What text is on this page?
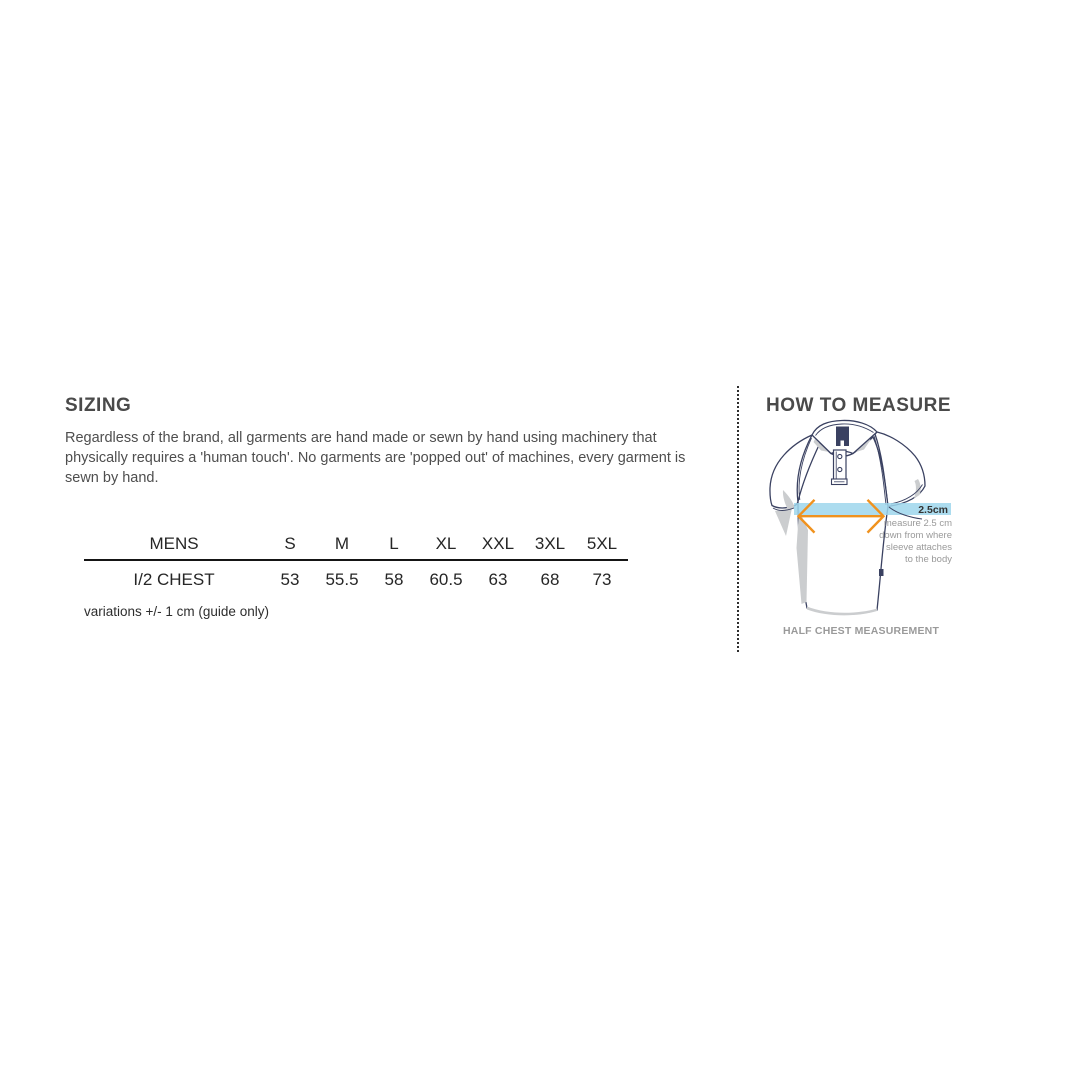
SIZING
Regardless of the brand, all garments are hand made or sewn by hand using machinery that
physically requires a 'human touch'. No garments are 'popped out' of machines, every garment is
sewn by hand.
MENS	S	M	L	XL	XXL	3XL	5XL
I/2 CHEST	53	55.5	58	60.5	63	68	73
variations +/- 1 cm (guide only)
HOW TO MEASURE
2.5cm
measure 2.5 cm
down from where
sleeve attaches
to the body
HALF CHEST MEASUREMENT
